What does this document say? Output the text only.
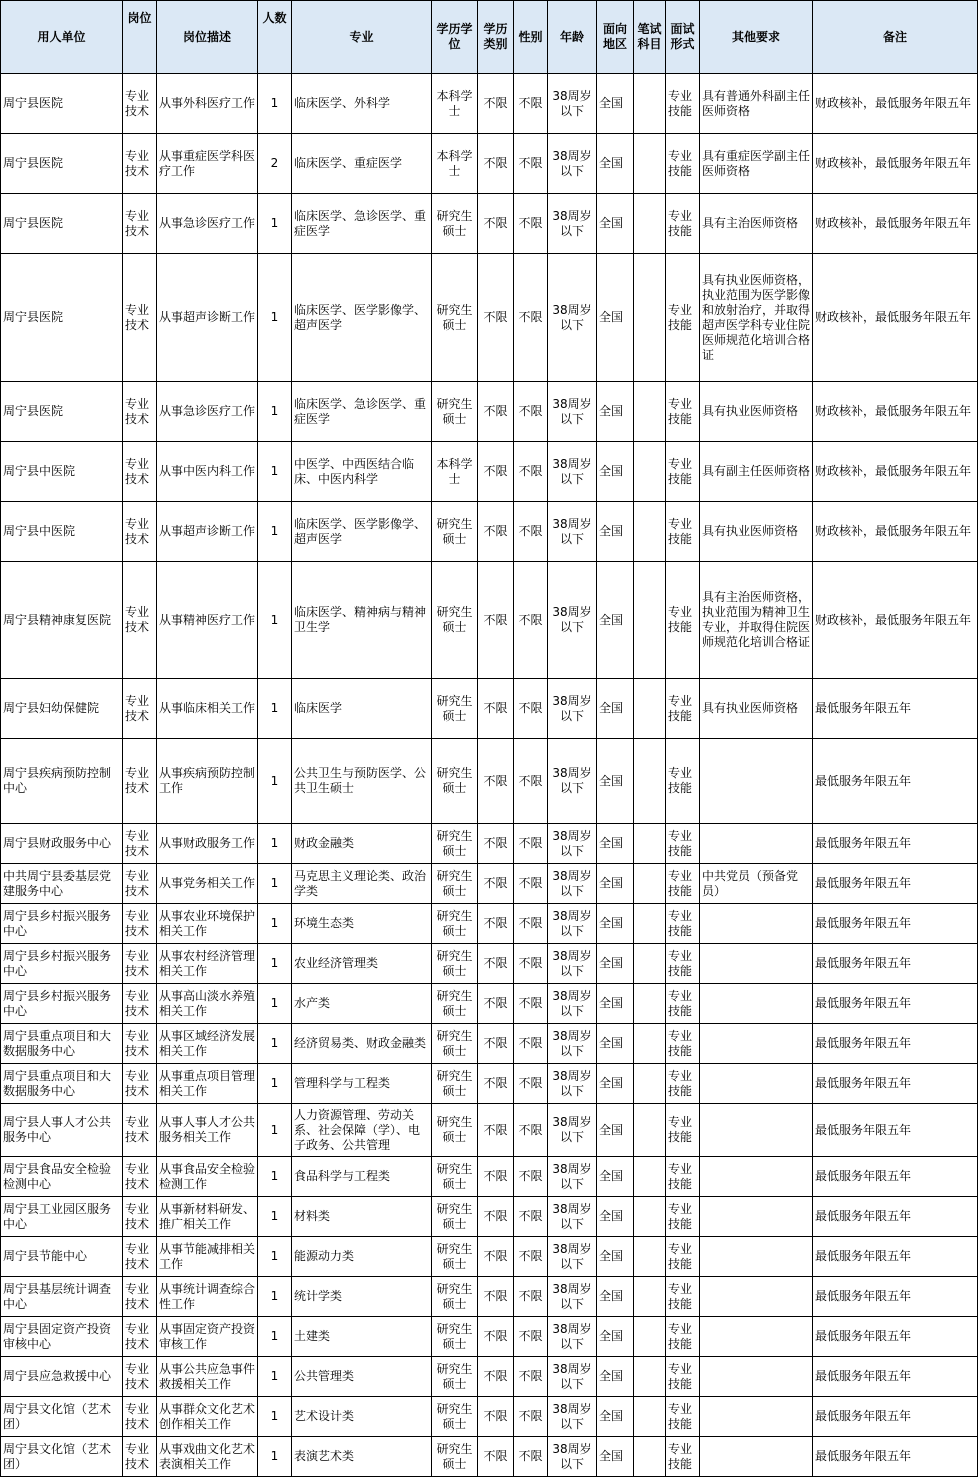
用人单位	岗位	岗位描述	人数	专业	学历学位	学历类别	性别	年龄	面向地区	笔试科目	面试形式	其他要求	备注
周宁县医院	专业技术	从事外科医疗工作	1	临床医学、外科学	本科学士	不限	不限	38周岁以下	全国		专业技能	具有普通外科副主任医师资格	财政核补，最低服务年限五年
周宁县医院	专业技术	从事重症医学科医疗工作	2	临床医学、重症医学	本科学士	不限	不限	38周岁以下	全国		专业技能	具有重症医学副主任医师资格	财政核补，最低服务年限五年
周宁县医院	专业技术	从事急诊医疗工作	1	临床医学、急诊医学、重症医学	研究生硕士	不限	不限	38周岁以下	全国		专业技能	具有主治医师资格	财政核补，最低服务年限五年
周宁县医院	专业技术	从事超声诊断工作	1	临床医学、医学影像学、超声医学	研究生硕士	不限	不限	38周岁以下	全国		专业技能	具有执业医师资格，执业范围为医学影像和放射治疗，并取得超声医学科专业住院医师规范化培训合格证	财政核补，最低服务年限五年
周宁县医院	专业技术	从事急诊医疗工作	1	临床医学、急诊医学、重症医学	研究生硕士	不限	不限	38周岁以下	全国		专业技能	具有执业医师资格	财政核补，最低服务年限五年
周宁县中医院	专业技术	从事中医内科工作	1	中医学、中西医结合临床、中医内科学	本科学士	不限	不限	38周岁以下	全国		专业技能	具有副主任医师资格	财政核补，最低服务年限五年
周宁县中医院	专业技术	从事超声诊断工作	1	临床医学、医学影像学、超声医学	研究生硕士	不限	不限	38周岁以下	全国		专业技能	具有执业医师资格	财政核补，最低服务年限五年
周宁县精神康复医院	专业技术	从事精神医疗工作	1	临床医学、精神病与精神卫生学	研究生硕士	不限	不限	38周岁以下	全国		专业技能	具有主治医师资格，执业范围为精神卫生专业，并取得住院医师规范化培训合格证	财政核补，最低服务年限五年
周宁县妇幼保健院	专业技术	从事临床相关工作	1	临床医学	研究生硕士	不限	不限	38周岁以下	全国		专业技能	具有执业医师资格	最低服务年限五年
周宁县疾病预防控制中心	专业技术	从事疾病预防控制工作	1	公共卫生与预防医学、公共卫生硕士	研究生硕士	不限	不限	38周岁以下	全国		专业技能		最低服务年限五年
周宁县财政服务中心	专业技术	从事财政服务工作	1	财政金融类	研究生硕士	不限	不限	38周岁以下	全国		专业技能		最低服务年限五年
中共周宁县委基层党建服务中心	专业技术	从事党务相关工作	1	马克思主义理论类、政治学类	研究生硕士	不限	不限	38周岁以下	全国		专业技能	中共党员（预备党员）	最低服务年限五年
周宁县乡村振兴服务中心	专业技术	从事农业环境保护相关工作	1	环境生态类	研究生硕士	不限	不限	38周岁以下	全国		专业技能		最低服务年限五年
周宁县乡村振兴服务中心	专业技术	从事农村经济管理相关工作	1	农业经济管理类	研究生硕士	不限	不限	38周岁以下	全国		专业技能		最低服务年限五年
周宁县乡村振兴服务中心	专业技术	从事高山淡水养殖相关工作	1	水产类	研究生硕士	不限	不限	38周岁以下	全国		专业技能		最低服务年限五年
周宁县重点项目和大数据服务中心	专业技术	从事区域经济发展相关工作	1	经济贸易类、财政金融类	研究生硕士	不限	不限	38周岁以下	全国		专业技能		最低服务年限五年
周宁县重点项目和大数据服务中心	专业技术	从事重点项目管理相关工作	1	管理科学与工程类	研究生硕士	不限	不限	38周岁以下	全国		专业技能		最低服务年限五年
周宁县人事人才公共服务中心	专业技术	从事人事人才公共服务相关工作	1	人力资源管理、劳动关系、社会保障（学）、电子政务、公共管理	研究生硕士	不限	不限	38周岁以下	全国		专业技能		最低服务年限五年
周宁县食品安全检验检测中心	专业技术	从事食品安全检验检测工作	1	食品科学与工程类	研究生硕士	不限	不限	38周岁以下	全国		专业技能		最低服务年限五年
周宁县工业园区服务中心	专业技术	从事新材料研发、推广相关工作	1	材料类	研究生硕士	不限	不限	38周岁以下	全国		专业技能		最低服务年限五年
周宁县节能中心	专业技术	从事节能减排相关工作	1	能源动力类	研究生硕士	不限	不限	38周岁以下	全国		专业技能		最低服务年限五年
周宁县基层统计调查中心	专业技术	从事统计调查综合性工作	1	统计学类	研究生硕士	不限	不限	38周岁以下	全国		专业技能		最低服务年限五年
周宁县固定资产投资审核中心	专业技术	从事固定资产投资审核工作	1	土建类	研究生硕士	不限	不限	38周岁以下	全国		专业技能		最低服务年限五年
周宁县应急救援中心	专业技术	从事公共应急事件救援相关工作	1	公共管理类	研究生硕士	不限	不限	38周岁以下	全国		专业技能		最低服务年限五年
周宁县文化馆（艺术团）	专业技术	从事群众文化艺术创作相关工作	1	艺术设计类	研究生硕士	不限	不限	38周岁以下	全国		专业技能		最低服务年限五年
周宁县文化馆（艺术团）	专业技术	从事戏曲文化艺术表演相关工作	1	表演艺术类	研究生硕士	不限	不限	38周岁以下	全国		专业技能		最低服务年限五年
